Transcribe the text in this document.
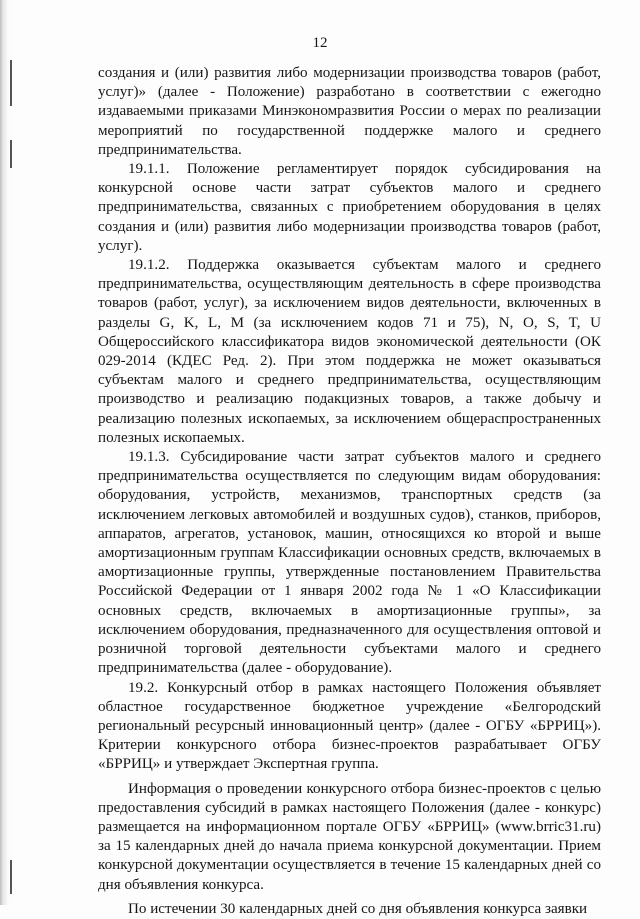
12

создания и (или) развития либо модернизации производства товаров (работ, услуг)» (далее - Положение) разработано в соответствии с ежегодно издаваемыми приказами Минэкономразвития России о мерах по реализации мероприятий по государственной поддержке малого и среднего предпринимательства.

19.1.1. Положение регламентирует порядок субсидирования на конкурсной основе части затрат субъектов малого и среднего предпринимательства, связанных с приобретением оборудования в целях создания и (или) развития либо модернизации производства товаров (работ, услуг).

19.1.2. Поддержка оказывается субъектам малого и среднего предпринимательства, осуществляющим деятельность в сфере производства товаров (работ, услуг), за исключением видов деятельности, включенных в разделы G, K, L, M (за исключением кодов 71 и 75), N, O, S, T, U Общероссийского классификатора видов экономической деятельности (ОК 029-2014 (КДЕС Ред. 2). При этом поддержка не может оказываться субъектам малого и среднего предпринимательства, осуществляющим производство и реализацию подакцизных товаров, а также добычу и реализацию полезных ископаемых, за исключением общераспространенных полезных ископаемых.

19.1.3. Субсидирование части затрат субъектов малого и среднего предпринимательства осуществляется по следующим видам оборудования: оборудования, устройств, механизмов, транспортных средств (за исключением легковых автомобилей и воздушных судов), станков, приборов, аппаратов, агрегатов, установок, машин, относящихся ко второй и выше амортизационным группам Классификации основных средств, включаемых в амортизационные группы, утвержденные постановлением Правительства Российской Федерации от 1 января 2002 года № 1 «О Классификации основных средств, включаемых в амортизационные группы», за исключением оборудования, предназначенного для осуществления оптовой и розничной торговой деятельности субъектами малого и среднего предпринимательства (далее - оборудование).

19.2. Конкурсный отбор в рамках настоящего Положения объявляет областное государственное бюджетное учреждение «Белгородский региональный ресурсный инновационный центр» (далее - ОГБУ «БРРИЦ»). Критерии конкурсного отбора бизнес-проектов разрабатывает ОГБУ «БРРИЦ» и утверждает Экспертная группа.

Информация о проведении конкурсного отбора бизнес-проектов с целью предоставления субсидий в рамках настоящего Положения (далее - конкурс) размещается на информационном портале ОГБУ «БРРИЦ» (www.brric31.ru) за 15 календарных дней до начала приема конкурсной документации. Прием конкурсной документации осуществляется в течение 15 календарных дней со дня объявления конкурса.

По истечении 30 календарных дней со дня объявления конкурса заявки
